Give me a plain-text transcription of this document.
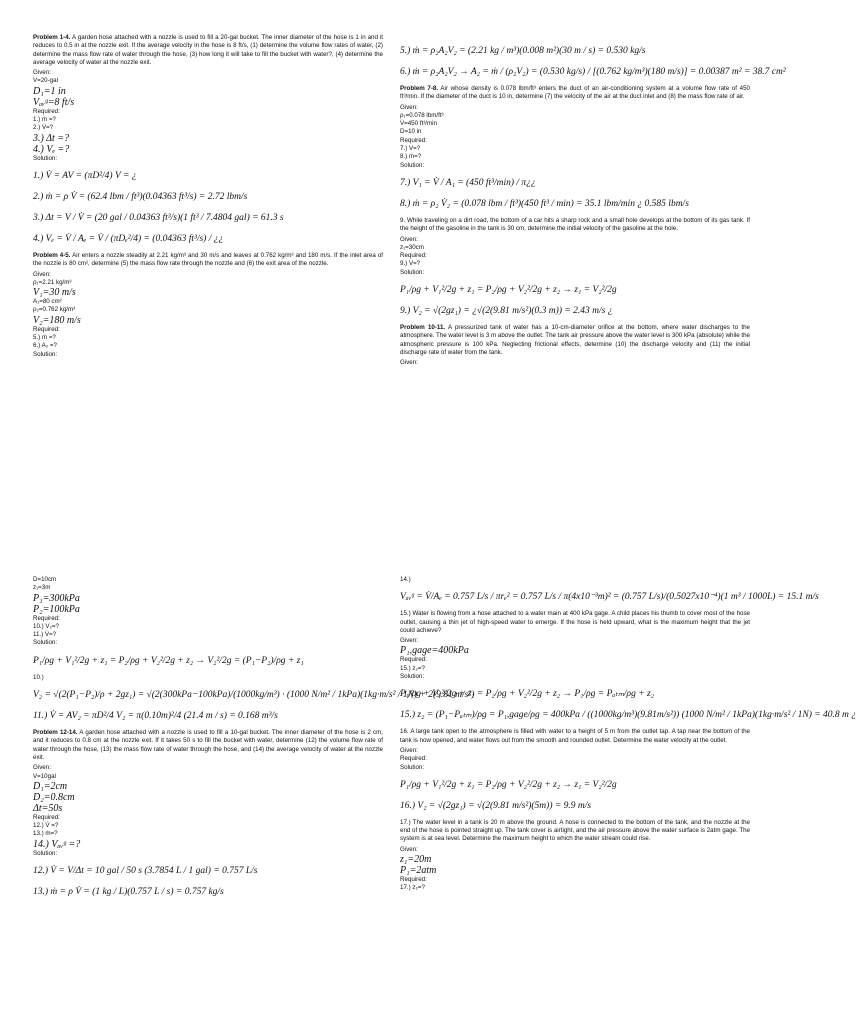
Problem 1-4. A garden hose attached with a nozzle is used to fill a 20-gal bucket. The inner diameter of the hose is 1 in and it reduces to 0.5 in at the nozzle exit. If the average velocity in the hose is 8 ft/s, (1) determine the volume flow rates of water, (2) determine the mass flow rate of water through the hose, (3) how long it will take to fill the bucket with water?, (4) determine the average velocity of water at the nozzle exit.

Given:

V=20-gal

D₁=1 in

Vₐᵥᵍ=8 ft/s

Required:

1.) ṁ =?

2.) V̇=?

3.) Δt =?

4.) Vₑ =?

Solution:

1.) V̇ = AV = (πD²/4) V = ¿

2.) ṁ = ρ V̇ = (62.4 lbm / ft³)(0.04363 ft³/s) = 2.72 lbm/s

3.) Δt = V / V̇ = (20 gal / 0.04363 ft³/s)(1 ft³ / 7.4804 gal) = 61.3 s

4.) Vₑ = V̇ / Aₑ = V̇ / (πDₑ²/4) = (0.04363 ft³/s) / ¿¿

Problem 4-5. Air enters a nozzle steadily at 2.21 kg/m³ and 30 m/s and leaves at 0.762 kg/m³ and 180 m/s. If the inlet area of the nozzle is 80 cm², determine (5) the mass flow rate through the nozzle and (6) the exit area of the nozzle.

Given:

ρ₁=2.21 kg/m³

V₁=30 m/s

A₁=80 cm²

ρ₂=0.762 kg/m³

V₂=180 m/s

Required:

5.) ṁ =?

6.) A₂ =?

Solution:

5.) ṁ = ρ₂A₂V₂ = (2.21 kg / m³)(0.008 m²)(30 m / s) = 0.530 kg/s

6.) ṁ = ρ₂A₂V₂ → A₂ = ṁ / (ρ₂V₂) = (0.530 kg/s) / [(0.762 kg/m³)(180 m/s)] = 0.00387 m² = 38.7 cm²

Problem 7-8. Air whose density is 0.078 lbm/ft³ enters the duct of an air-conditioning system at a volume flow rate of 450 ft³/min. If the diameter of the duct is 10 in, determine (7) the velocity of the air at the duct inlet and (8) the mass flow rate of air.

Given:

ρ₁=0.078 lbm/ft³

V̇=450 ft³/min

D=10 in

Required:

7.) V=?

8.) ṁ=?

Solution:

7.) V₁ = V̇ / A₁ = (450 ft³/min) / π¿¿

8.) ṁ = ρ₂ V̇₂ = (0.078 lbm / ft³)(450 ft³ / min) = 35.1 lbm/min ¿ 0.585 lbm/s

9. While traveling on a dirt road, the bottom of a car hits a sharp rock and a small hole develops at the bottom of its gas tank. If the height of the gasoline in the tank is 30 cm, determine the initial velocity of the gasoline at the hole.

Given:

z₁=30cm

Required:

9.) V=?

Solution:

P₁/ρg + V₁²/2g + z₁ = P₂/ρg + V₂²/2g + z₂ → z₁ = V₂²/2g

9.) V₂ = √(2gz₁) = ¿√(2(9.81 m/s²)(0.3 m)) = 2.43 m/s ¿

Problem 10-11. A pressurized tank of water has a 10-cm-diameter orifice at the bottom, where water discharges to the atmosphere. The water level is 3 m above the outlet. The tank air pressure above the water level is 300 kPa (absolute) while the atmospheric pressure is 100 kPa. Neglecting frictional effects, determine (10) the discharge velocity and (11) the initial discharge rate of water from the tank.

Given:

D=10cm

z₁=3m

P₁=300kPa

P₂=100kPa

Required:

10.) V₂=?

11.) V̇=?

Solution:

P₁/ρg + V₁²/2g + z₁ = P₂/ρg + V₂²/2g + z₂ → V₂²/2g = (P₁−P₂)/ρg + z₁

10.)

V₂ = √(2(P₁−P₂)/ρ + 2gz₁) = √(2(300kPa−100kPa)/(1000kg/m³) · (1000 N/m² / 1kPa)(1kg·m/s² / 1N) + 2(9.81 m/s²)

11.) V̇ = AV₂ = πD²/4 V₂ = π(0.10m)²/4 (21.4 m / s) = 0.168 m³/s

Problem 12-14. A garden hose attached with a nozzle is used to fill a 10-gal bucket. The inner diameter of the hose is 2 cm, and it reduces to 0.8 cm at the nozzle exit. If it takes 50 s to fill the bucket with water, determine (12) the volume flow rate of water through the hose, (13) the mass flow rate of water through the hose, and (14) the average velocity of water at the nozzle exit.

Given:

V=10gal

D₁=2cm

D₂=0.8cm

Δt=50s

Required:

12.) V̇ =?

13.) ṁ=?

14.) Vₐᵥᵍ =?

Solution:

12.) V̇ = V/Δt = 10 gal / 50 s (3.7854 L / 1 gal) = 0.757 L/s

13.) ṁ = ρ V̇ = (1 kg / L)(0.757 L / s) = 0.757 kg/s

14.)

Vₐᵥᵍ = V̇/Aₑ = 0.757 L/s / πrₑ² = 0.757 L/s / π(4x10⁻³m)² = (0.757 L/s)/(0.5027x10⁻⁴)(1 m³ / 1000L) = 15.1 m/s

15.) Water is flowing from a hose attached to a water main at 400 kPa gage. A child places his thumb to cover most of the hose outlet, causing a thin jet of high-speed water to emerge. If the hose is held upward, what is the maximum height that the jet could achieve?

Given:

P₁,gage=400kPa

Required:

15.) z₂=?

Solution:

P₁/ρg + V₁²/2g + z₁ = P₂/ρg + V₂²/2g + z₂ → P₁/ρg = Pₐₜₘ/ρg + z₂

15.) z₂ = (P₁−Pₐₜₘ)/ρg = P₁,gage/ρg = 400kPa / ((1000kg/m³)(9.81m/s²)) (1000 N/m² / 1kPa)(1kg·m/s² / 1N) = 40.8 m ¿

16. A large tank open to the atmosphere is filled with water to a height of 5 m from the outlet tap. A tap near the bottom of the tank is now opened, and water flows out from the smooth and rounded outlet. Determine the water velocity at the outlet.

Given:

Required:

Solution:

P₁/ρg + V₁²/2g + z₁ = P₂/ρg + V₂²/2g + z₂ → z₁ = V₂²/2g

16.) V₂ = √(2gz₁) = √(2(9.81 m/s²)(5m)) = 9.9 m/s

17.) The water level in a tank is 20 m above the ground. A hose is connected to the bottom of the tank, and the nozzle at the end of the hose is pointed straight up. The tank cover is airtight, and the air pressure above the water surface is 2atm gage. The system is at sea level. Determine the maximum height to which the water stream could rise.

Given:

z₁=20m

P₁=2atm

Required:

17.) z₂=?
